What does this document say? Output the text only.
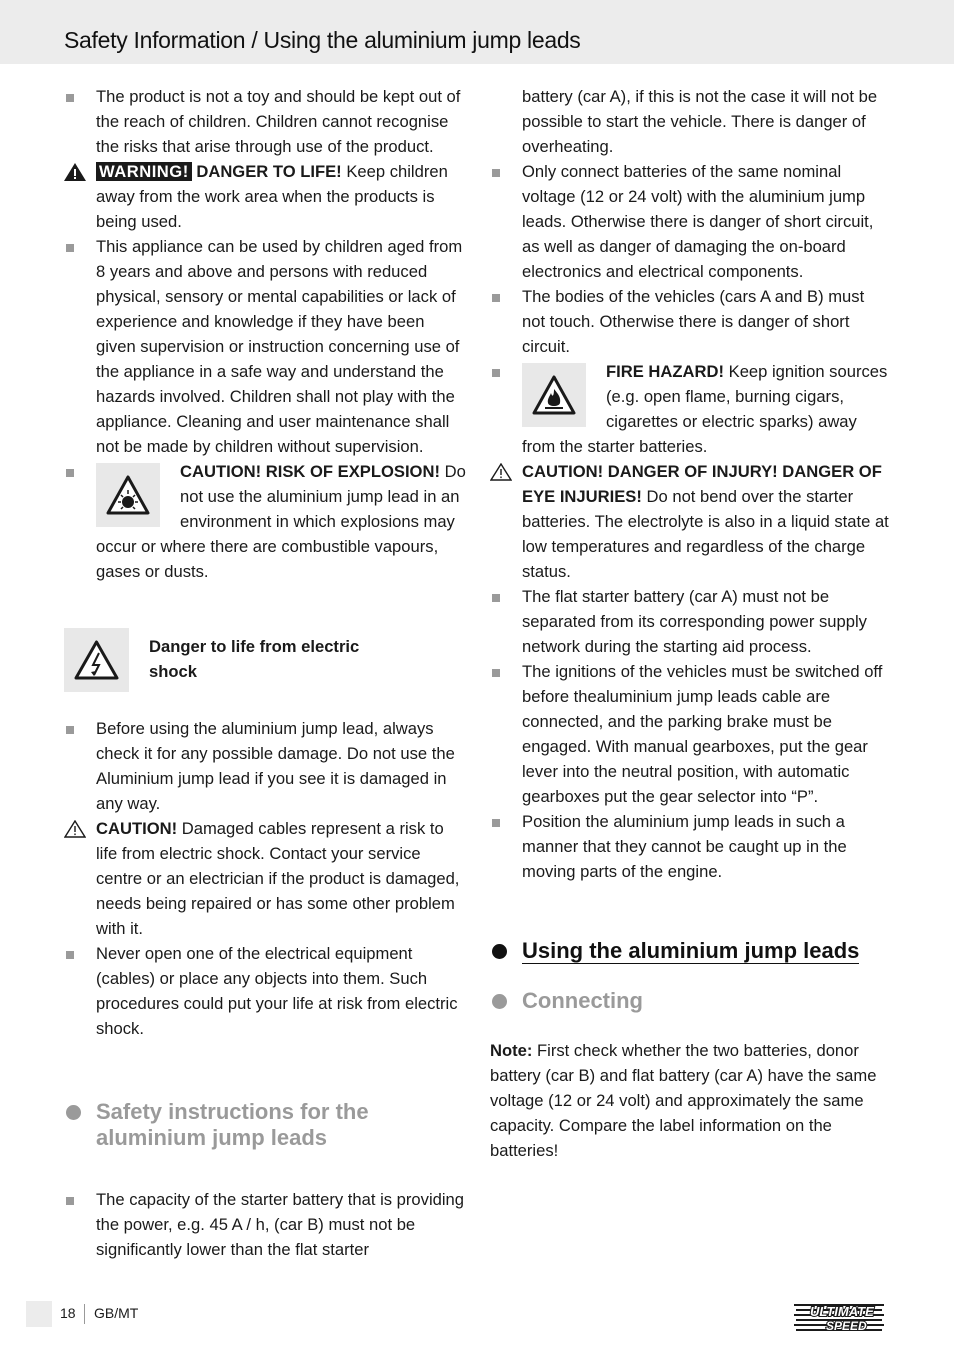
Safety Information / Using the aluminium jump leads

The product is not a toy and should be kept out of the reach of children. Children cannot recognise the risks that arise through use of the product.

WARNING! DANGER TO LIFE! Keep children away from the work area when the products is being used.

This appliance can be used by children aged from 8 years and above and persons with reduced physical, sensory or mental capabilities or lack of experience and knowledge if they have been given supervision or instruction concerning use of the appliance in a safe way and understand the hazards involved. Children shall not play with the appliance. Cleaning and user maintenance shall not be made by children without supervision.

CAUTION! RISK OF EXPLOSION! Do not use the aluminium jump lead in an environment in which explosions may occur or where there are combustible vapours, gases or dusts.

Danger to life from electric shock

Before using the aluminium jump lead, always check it for any possible damage. Do not use the Aluminium jump lead if you see it is damaged in any way.

CAUTION! Damaged cables represent a risk to life from electric shock. Contact your service centre or an electrician if the product is damaged, needs being repaired or has some other problem with it.

Never open one of the electrical equipment (cables) or place any objects into them. Such procedures could put your life at risk from electric shock.

Safety instructions for the aluminium jump leads

The capacity of the starter battery that is providing the power, e.g. 45 A / h, (car B) must not be significantly lower than the flat starter

battery (car A), if this is not the case it will not be possible to start the vehicle. There is danger of overheating.

Only connect batteries of the same nominal voltage (12 or 24 volt) with the aluminium jump leads. Otherwise there is danger of short circuit, as well as danger of damaging the on-board electronics and electrical components.

The bodies of the vehicles (cars A and B) must not touch. Otherwise there is danger of short circuit.

FIRE HAZARD! Keep ignition sources (e.g. open flame, burning cigars, cigarettes or electric sparks) away from the starter batteries.

CAUTION! DANGER OF INJURY! DANGER OF EYE INJURIES! Do not bend over the starter batteries. The electrolyte is also in a liquid state at low temperatures and regardless of the charge status.

The flat starter battery (car A) must not be separated from its corresponding power supply network during the starting aid process.

The ignitions of the vehicles must be switched off before thealuminium jump leads cable are connected, and the parking brake must be engaged. With manual gearboxes, put the gear lever into the neutral position, with automatic gearboxes put the gear selector into “P”.

Position the aluminium jump leads in such a manner that they cannot be caught up in the moving parts of the engine.

Using the aluminium jump leads

Connecting

Note: First check whether the two batteries, donor battery (car B) and flat battery (car A) have the same voltage (12 or 24 volt) and approximately the same capacity. Compare the label information on the batteries!

18 GB/MT	ULTIMATE
SPEED
